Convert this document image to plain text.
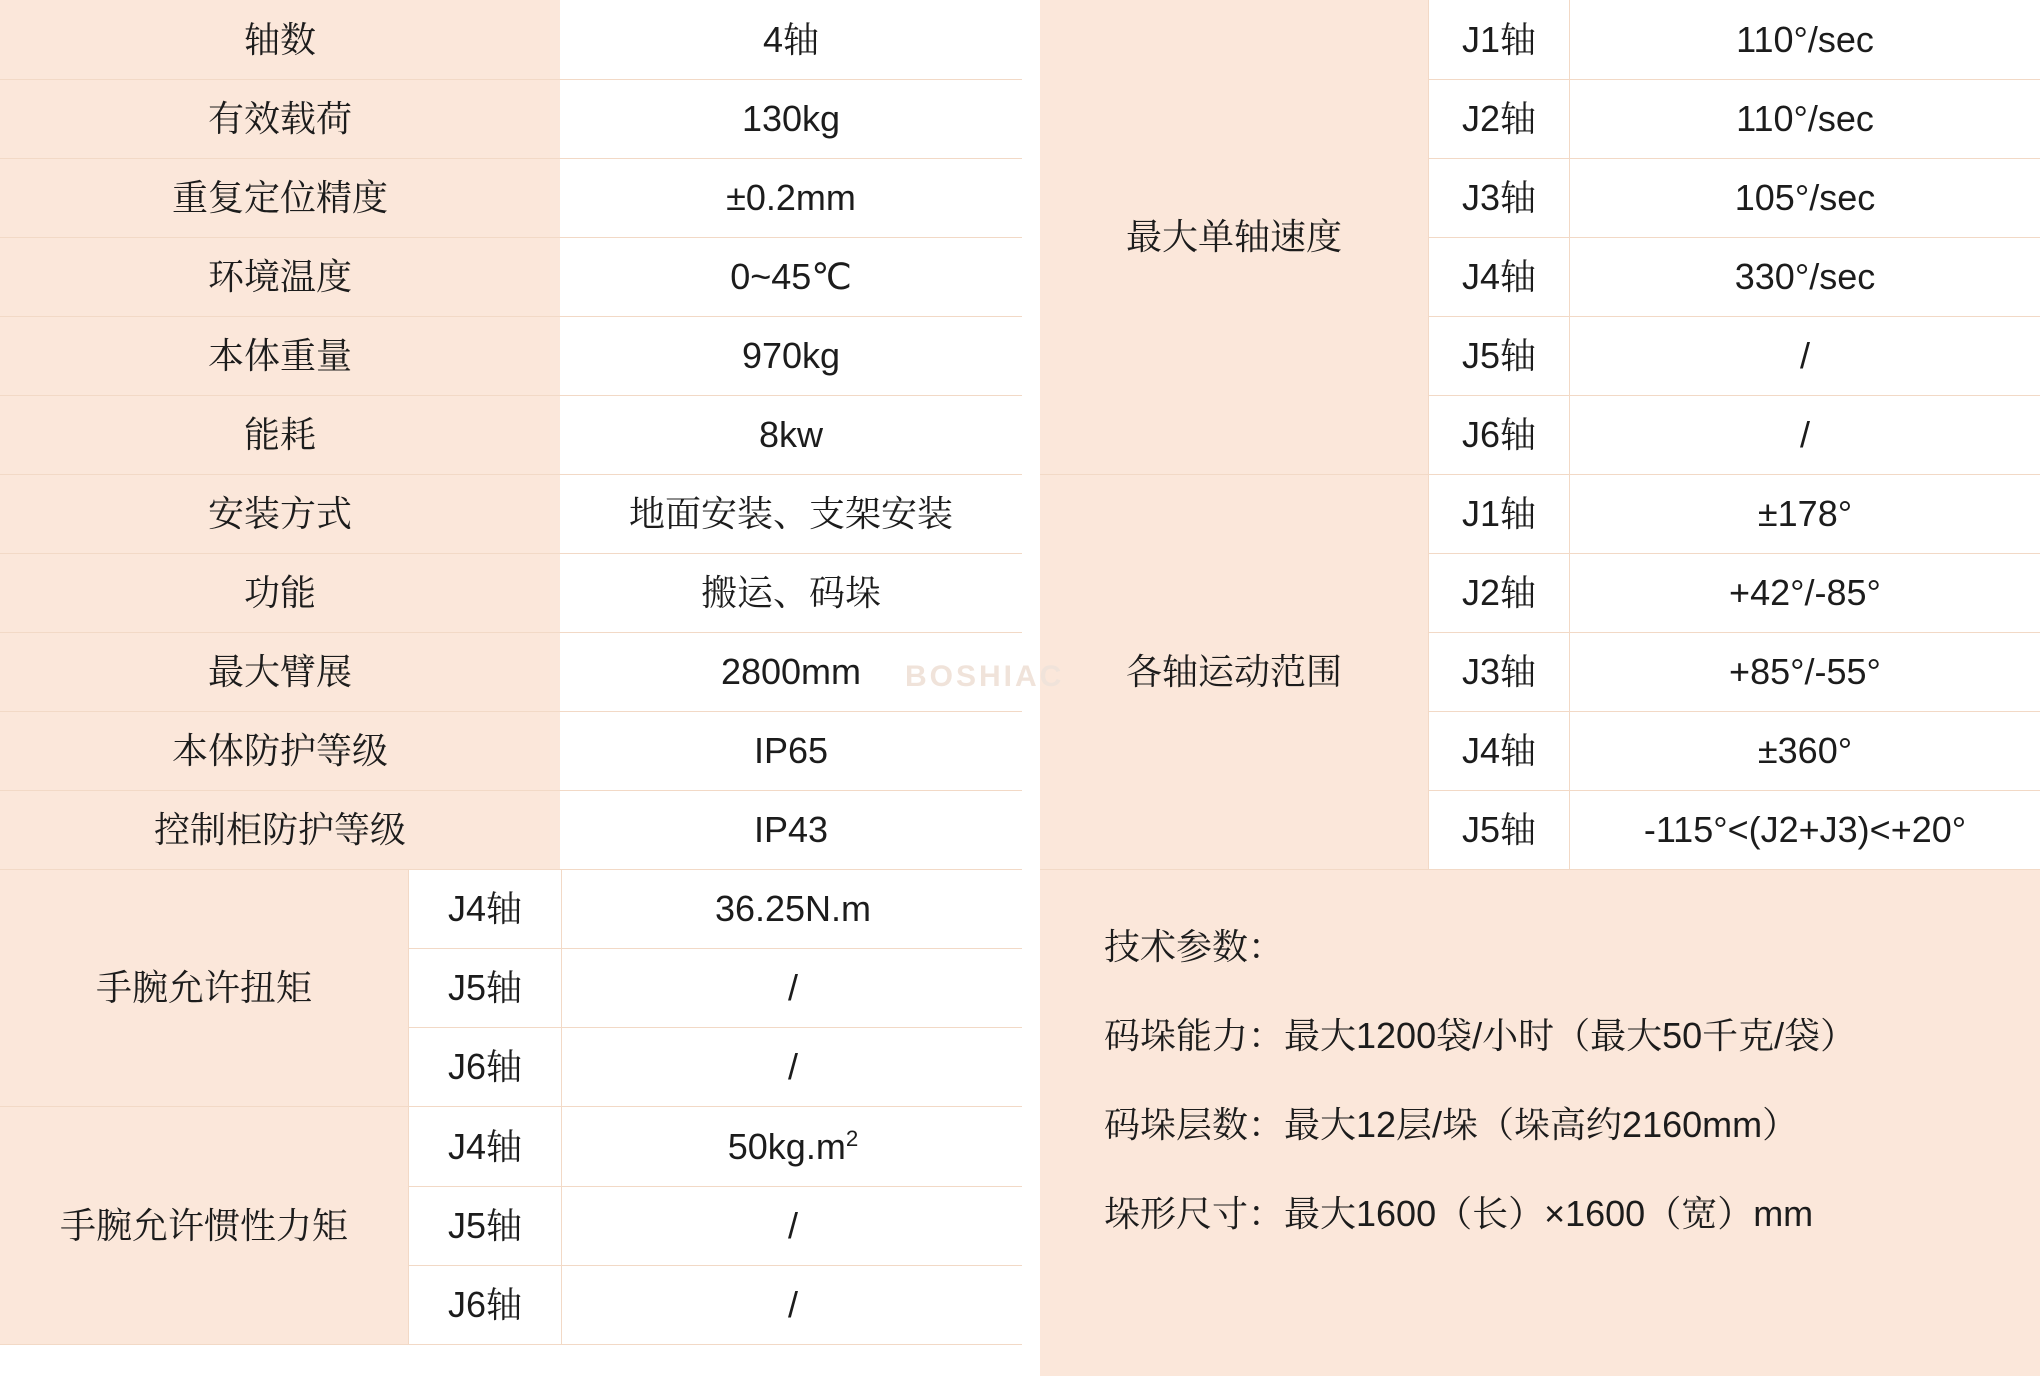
轴数	4轴
有效载荷	130kg
重复定位精度	±0.2mm
环境温度	0~45℃
本体重量	970kg
能耗	8kw
安装方式	地面安装、支架安装
功能	搬运、码垛
最大臂展	2800mm
本体防护等级	IP65
控制柜防护等级	IP43
手腕允许扭矩	J4轴	36.25N.m
	J5轴	/
	J6轴	/
手腕允许惯性力矩	J4轴	$50kg.m^2$
	J5轴	/
	J6轴	/
最大单轴速度	J1轴	110°/sec
	J2轴	110°/sec
	J3轴	105°/sec
	J4轴	330°/sec
	J5轴	/
	J6轴	/
各轴运动范围	J1轴	±178°
	J2轴	+42°/-85°
	J3轴	+85°/-55°
	J4轴	±360°
	J5轴	-115°<(J2+J3)<+20°

技术参数：

码垛能力：最大1200袋/小时（最大50千克/袋）

码垛层数：最大12层/垛（垛高约2160mm）

垛形尺寸：最大1600（长）×1600（宽）mm

BOSHIAC
